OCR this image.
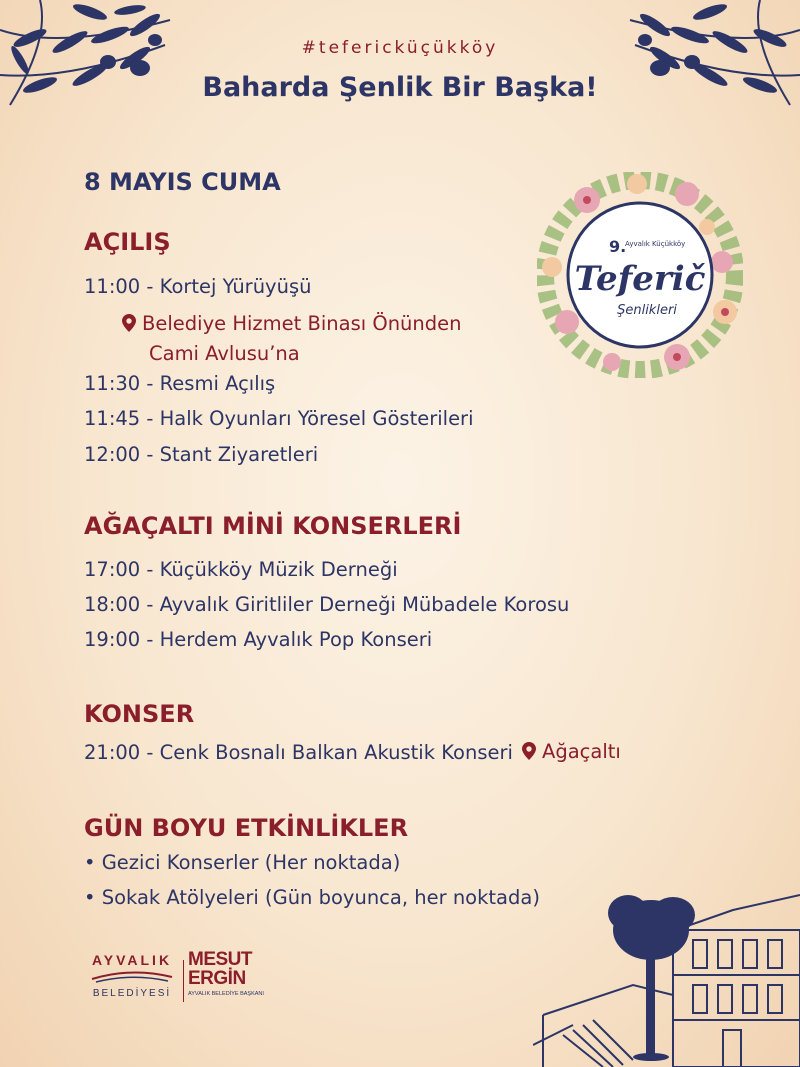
#tefericküçükköy
Baharda Şenlik Bir Başka!
8 MAYIS CUMA
9.
Ayvalık Küçükköy
Teferič
Şenlikleri
AÇILIŞ
11:00 - Kortej Yürüyüşü
Belediye Hizmet Binası Önünden
Cami Avlusu’na
11:30 - Resmi Açılış
11:45 - Halk Oyunları Yöresel Gösterileri
12:00 - Stant Ziyaretleri
AĞAÇALTI MİNİ KONSERLERİ
17:00 - Küçükköy Müzik Derneği
18:00 - Ayvalık Giritliler Derneği Mübadele Korosu
19:00 - Herdem Ayvalık Pop Konseri
KONSER
21:00 - Cenk Bosnalı Balkan Akustik Konseri	Ağaçaltı
GÜN BOYU ETKİNLİKLER
• Gezici Konserler (Her noktada)
• Sokak Atölyeleri (Gün boyunca, her noktada)
AYVALIK
BELEDİYESİ
MESUT
ERGİN
AYVALIK BELEDİYE BAŞKANI
